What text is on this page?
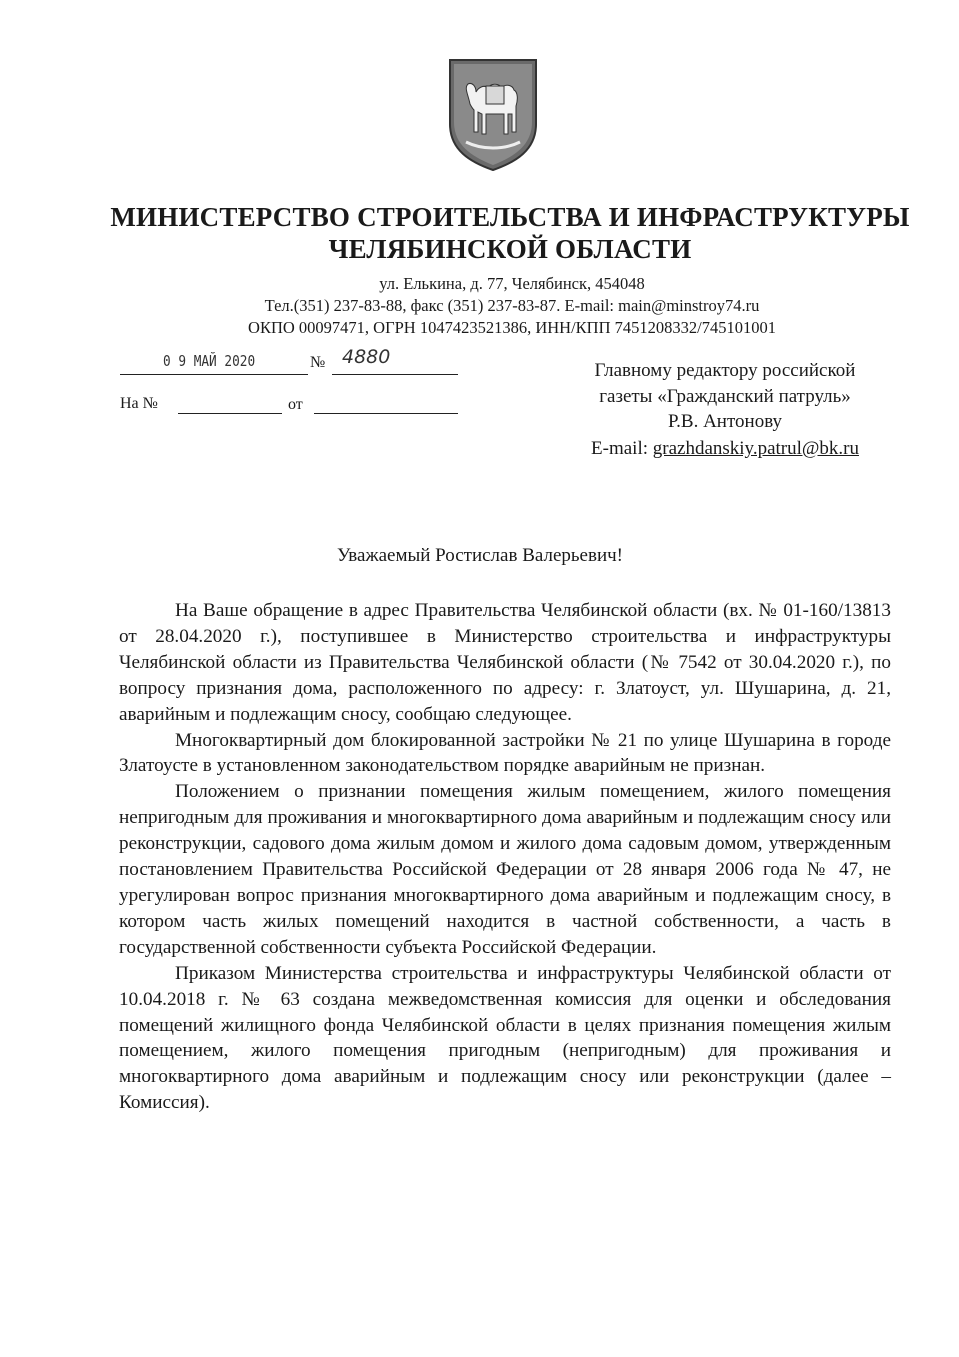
МИНИСТЕРСТВО СТРОИТЕЛЬСТВА И ИНФРАСТРУКТУРЫ
ЧЕЛЯБИНСКОЙ ОБЛАСТИ
ул. Елькина, д. 77, Челябинск, 454048
Тел.(351) 237-83-88, факс (351) 237-83-87. E-mail: main@minstroy74.ru
ОКПО 00097471, ОГРН 1047423521386, ИНН/КПП 7451208332/745101001
0 9 МАЙ 2020	№ 4880
На №	от
Главному редактору российской
газеты «Гражданский патруль»
Р.В. Антонову
E-mail: grazhdanskiy.patrul@bk.ru
Уважаемый Ростислав Валерьевич!

На Ваше обращение в адрес Правительства Челябинской области (вх. № 01-160/13813 от 28.04.2020 г.), поступившее в Министерство строительства и инфраструктуры Челябинской области из Правительства Челябинской области (№ 7542 от 30.04.2020 г.), по вопросу признания дома, расположенного по адресу: г. Златоуст, ул. Шушарина, д. 21, аварийным и подлежащим сносу, сообщаю следующее.

Многоквартирный дом блокированной застройки № 21 по улице Шушарина в городе Златоусте в установленном законодательством порядке аварийным не признан.

Положением о признании помещения жилым помещением, жилого помещения непригодным для проживания и многоквартирного дома аварийным и подлежащим сносу или реконструкции, садового дома жилым домом и жилого дома садовым домом, утвержденным постановлением Правительства Российской Федерации от 28 января 2006 года № 47, не урегулирован вопрос признания многоквартирного дома аварийным и подлежащим сносу, в котором часть жилых помещений находится в частной собственности, а часть в государственной собственности субъекта Российской Федерации.

Приказом Министерства строительства и инфраструктуры Челябинской области от 10.04.2018 г. № 63 создана межведомственная комиссия для оценки и обследования помещений жилищного фонда Челябинской области в целях признания помещения жилым помещением, жилого помещения пригодным (непригодным) для проживания и многоквартирного дома аварийным и подлежащим сносу или реконструкции (далее – Комиссия).
